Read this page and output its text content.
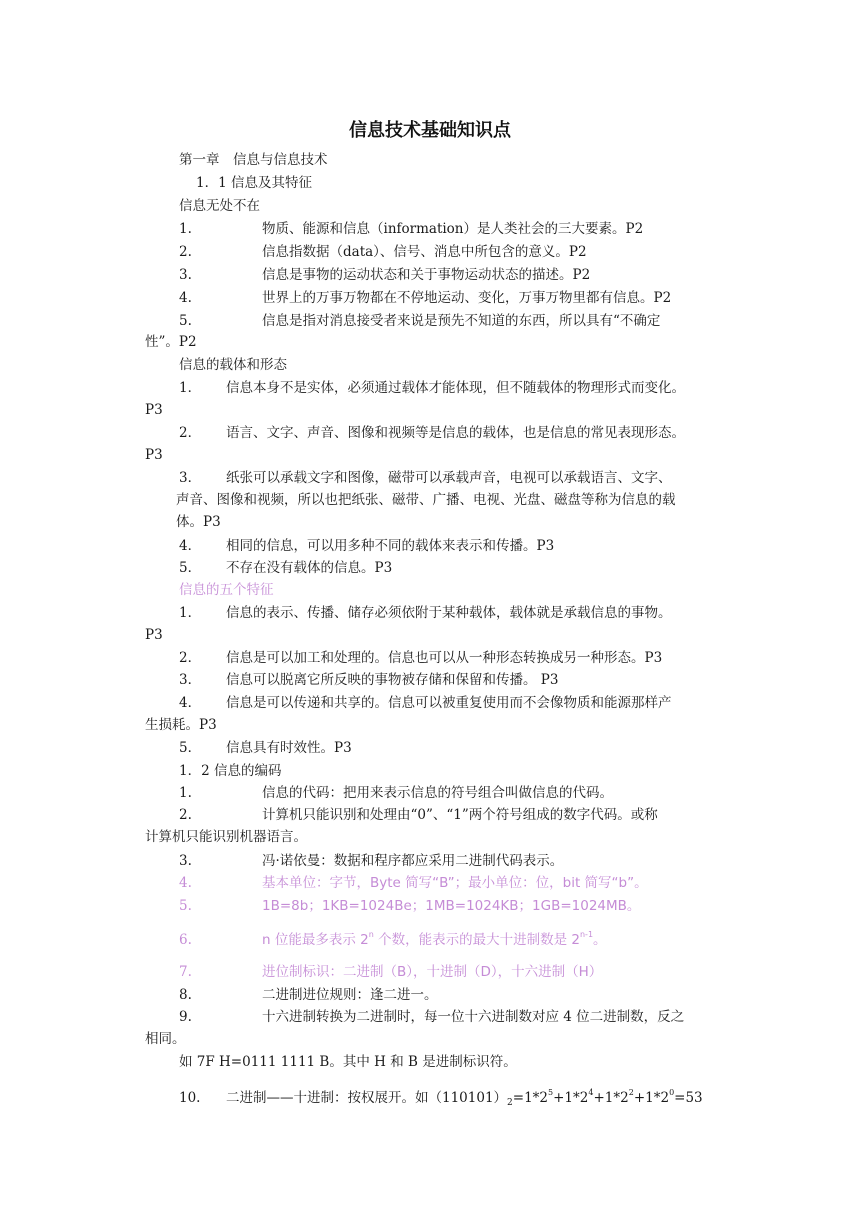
信息技术基础知识点
第一章　信息与信息技术
1．1 信息及其特征
信息无处不在
1.	物质、能源和信息（information）是人类社会的三大要素。P2
2.	信息指数据（data）、信号、消息中所包含的意义。P2
3.	信息是事物的运动状态和关于事物运动状态的描述。P2
4.	世界上的万事万物都在不停地运动、变化，万事万物里都有信息。P2
5.	信息是指对消息接受者来说是预先不知道的东西，所以具有“不确定
性”。P2
信息的载体和形态
1． 信息本身不是实体，必须通过载体才能体现，但不随载体的物理形式而变化。
P3
2． 语言、文字、声音、图像和视频等是信息的载体，也是信息的常见表现形态。
P3
3． 纸张可以承载文字和图像，磁带可以承载声音，电视可以承载语言、文字、
声音、图像和视频，所以也把纸张、磁带、广播、电视、光盘、磁盘等称为信息的载
体。P3
4． 相同的信息，可以用多种不同的载体来表示和传播。P3
5． 不存在没有载体的信息。P3
信息的五个特征
1． 信息的表示、传播、储存必须依附于某种载体，载体就是承载信息的事物。
P3
2． 信息是可以加工和处理的。信息也可以从一种形态转换成另一种形态。P3
3． 信息可以脱离它所反映的事物被存储和保留和传播。 P3
4． 信息是可以传递和共享的。信息可以被重复使用而不会像物质和能源那样产
生损耗。P3
5． 信息具有时效性。P3
1．2 信息的编码
1.	信息的代码：把用来表示信息的符号组合叫做信息的代码。
2.	计算机只能识别和处理由“0”、“1”两个符号组成的数字代码。或称
计算机只能识别机器语言。
3.	冯·诺依曼：数据和程序都应采用二进制代码表示。
4.	基本单位：字节，Byte 简写“B”；最小单位：位，bit 简写“b”。
5.	1B=8b；1KB=1024Be；1MB=1024KB；1GB=1024MB。
6.	n 位能最多表示 2$^n$ 个数，能表示的最大十进制数是 2$^{n-1}$。
7.	进位制标识：二进制（B），十进制（D），十六进制（H）
8.	二进制进位规则：逢二进一。
9.	十六进制转换为二进制时，每一位十六进制数对应 4 位二进制数，反之
相同。
如 7F H=0111 1111 B。其中 H 和 B 是进制标识符。
10. 二进制——十进制：按权展开。如$(110101)_2=1*2^5+1*2^4+1*2^2+1*2^0=53$
